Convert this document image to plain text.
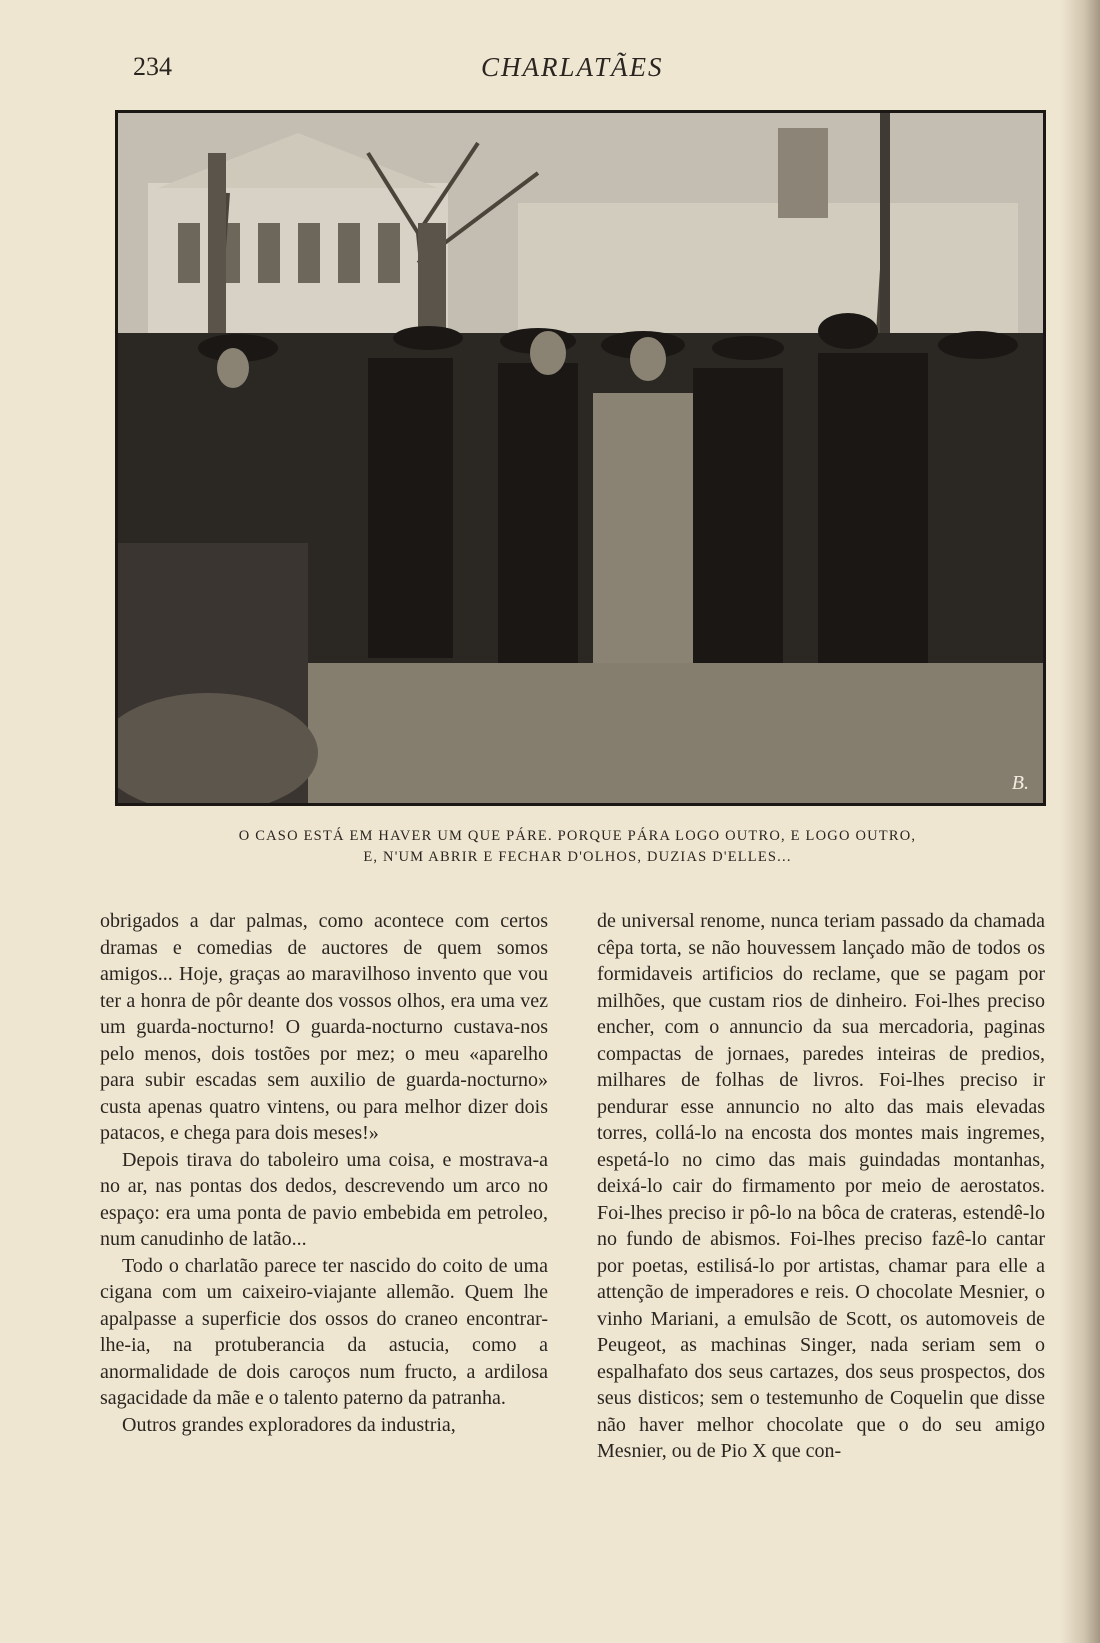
234	CHARLATÃES
B.
O CASO ESTÁ EM HAVER UM QUE PÁRE. PORQUE PÁRA LOGO OUTRO, E LOGO OUTRO,
E, N'UM ABRIR E FECHAR D'OLHOS, DUZIAS D'ELLES...

obrigados a dar palmas, como acontece com certos dramas e comedias de auctores de quem somos amigos... Hoje, graças ao maravilhoso invento que vou ter a honra de pôr deante dos vossos olhos, era uma vez um guarda-nocturno! O guarda-nocturno custava-nos pelo menos, dois tostões por mez; o meu «aparelho para subir escadas sem auxilio de guarda-nocturno» custa apenas quatro vintens, ou para melhor dizer dois patacos, e chega para dois meses!»

Depois tirava do taboleiro uma coisa, e mostrava-a no ar, nas pontas dos dedos, descrevendo um arco no espaço: era uma ponta de pavio embebida em petroleo, num canudinho de latão...

Todo o charlatão parece ter nascido do coito de uma cigana com um caixeiro-viajante allemão. Quem lhe apalpasse a superficie dos ossos do craneo encontrar-lhe-ia, na protuberancia da astucia, como a anormalidade de dois caroços num fructo, a ardilosa sagacidade da mãe e o talento paterno da patranha.

Outros grandes exploradores da industria,

de universal renome, nunca teriam passado da chamada cêpa torta, se não houvessem lançado mão de todos os formidaveis artificios do reclame, que se pagam por milhões, que custam rios de dinheiro. Foi-lhes preciso encher, com o annuncio da sua mercadoria, paginas compactas de jornaes, paredes inteiras de predios, milhares de folhas de livros. Foi-lhes preciso ir pendurar esse annuncio no alto das mais elevadas torres, collá-lo na encosta dos montes mais ingremes, espetá-lo no cimo das mais guindadas montanhas, deixá-lo cair do firmamento por meio de aerostatos. Foi-lhes preciso ir pô-lo na bôca de crateras, estendê-lo no fundo de abismos. Foi-lhes preciso fazê-lo cantar por poetas, estilisá-lo por artistas, chamar para elle a attenção de imperadores e reis. O chocolate Mesnier, o vinho Mariani, a emulsão de Scott, os automoveis de Peugeot, as machinas Singer, nada seriam sem o espalhafato dos seus cartazes, dos seus prospectos, dos seus disticos; sem o testemunho de Coquelin que disse não haver melhor chocolate que o do seu amigo Mesnier, ou de Pio X que con-
